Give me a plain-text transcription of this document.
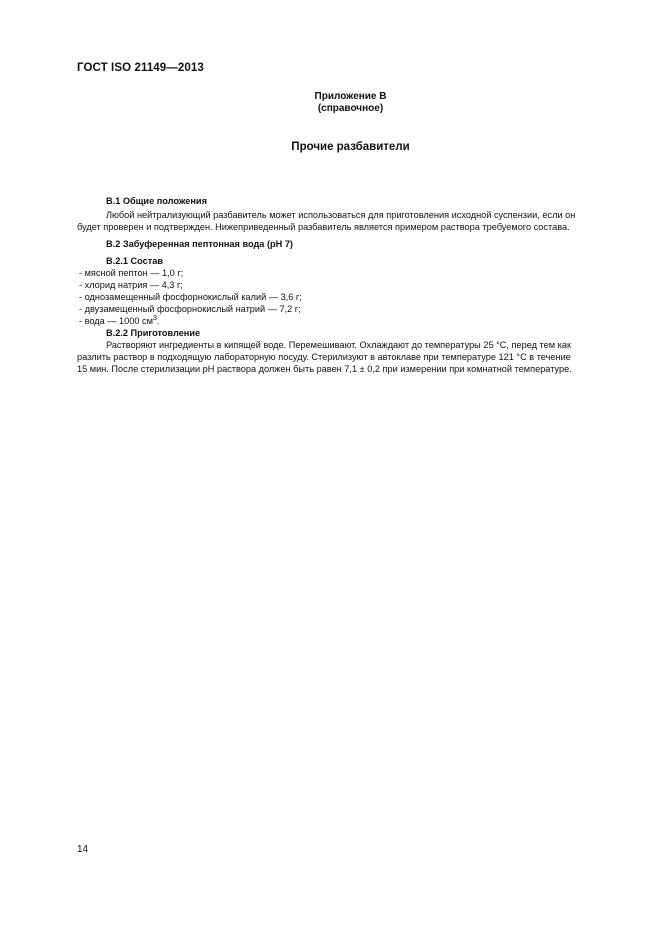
ГОСТ ISO 21149—2013
Приложение В
(справочное)
Прочие разбавители

В.1 Общие положения

Любой нейтрализующий разбавитель может использоваться для приготовления исходной суспензии, если он

будет проверен и подтвержден. Нижеприведенный разбавитель является примером раствора требуемого состава.

В.2 Забуференная пептонная вода (pH 7)

В.2.1 Состав

- мясной пептон — 1,0 г;

- хлорид натрия — 4,3 г;

- однозамещенный фосфорнокислый калий — 3,6 г;

- двузамещенный фосфорнокислый натрий — 7,2 г;

- вода — 1000 $см^3$.

В.2.2 Приготовление

Растворяют ингредиенты в кипящей воде. Перемешивают. Охлаждают до температуры 25 °С, перед тем как

разлить раствор в подходящую лабораторную посуду. Стерилизуют в автоклаве при температуре 121 °С в течение

15 мин. После стерилизации pH раствора должен быть равен 7,1 ± 0,2 при измерении при комнатной температуре.

14
